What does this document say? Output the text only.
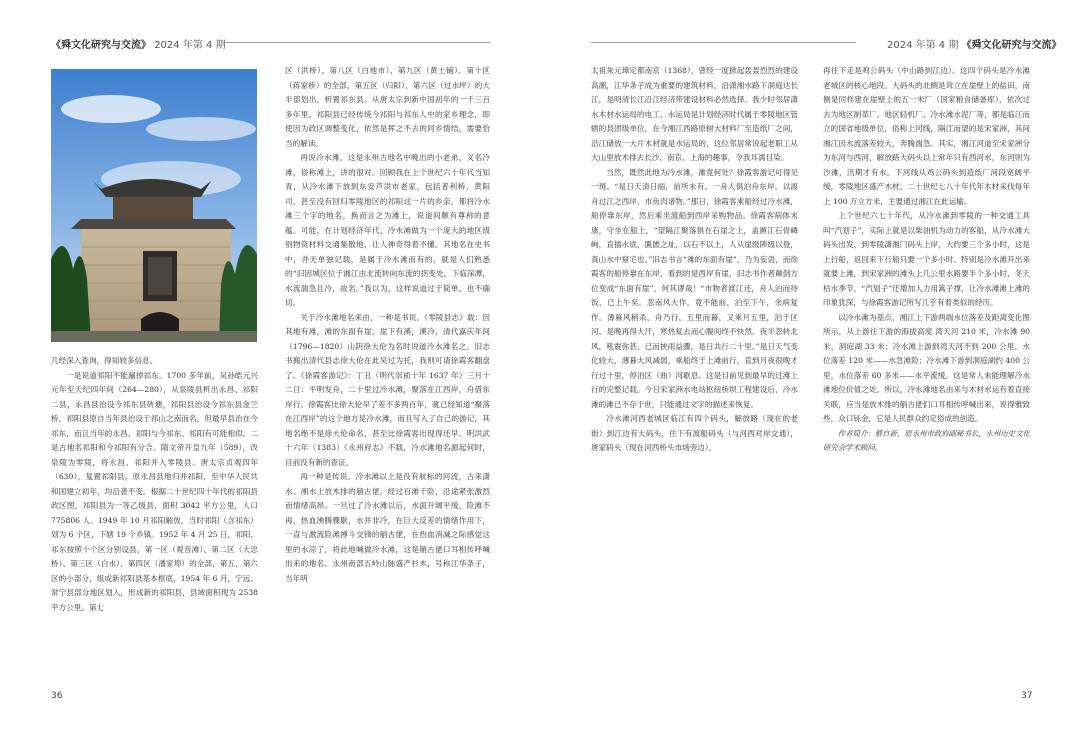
《舜文化研究与交流》 2024 年第 4 期

几经深入查询，得知较多信息。

一是说道祁阳不能漏掉祁东。1700 多年前，吴孙皓元兴元年至天纪四年间（264—280），从泉陵县析出永昌、祁阳二县，永昌县治设今祁东县砖塘，祁阳县治设今祁东县金兰桥，祁阳县原自当年县治设于祁山之南而名，但最早县治在今祁东，而且当年的永昌、祁阳与今祁东、祁阳有可能相似。二是古地名祁阳和今祁阳有分合。隋文帝开皇九年（589），改泉陵为零陵，将永昌、祁阳并入零陵县。唐太宗贞观四年（630），复置祁阳县，原永昌县地归并祁阳，至中华人民共和国建立初年，均沿袭不变。根据二十世纪四十年代的祁阳县政区图，祁阳县为一等乙级县，面积 3042 平方公里，人口 775806 人。1949 年 10 月祁阳解放，当时祁阳（含祁东）划为 6 个区，下辖 19 个乡镇。1952 年 4 月 25 日，祁阳、祁东按照十个区分别设县，第一区（观音滩）、第二区（大忠桥）、第三区（白水）、第四区（潘家埠）的全部，第五、第六区的小部分，组成新祁阳县基本框底，1954 年 6 月，宁远、常宁县部分地区划入，形成新的祁阳县，县域面积现为 2538 平方公里。第七

区（洪桥）、第八区（白地市）、第九区（黄土铺）、第十区（蒋家桥）的全部，第五区（归阳）、第六区（过水坪）的大半部划出，析置祁东县。从唐太宗到新中国初年的一千三百多年里，祁阳县已经传统今祁阳与祁东人中的家乡理念，即使因为政区调整变化，依然是挥之不去的同乡情结，需要恰当的解读。

再说冷水滩，这是永州古地名中晚出的小老弟，又名冷滩，俗称滩上，讲的很对。回顾我在上个世纪六十年代当知青，从冷水滩下放到东安芦洪市老家，包括普利桥、黄阳司，甚至没有回归零陵地区的祁阳这一片的乡亲，都将冷水滩三个字的地名，换而言之为滩上，说道间颇有尊称的意蕴。可能，在计划经济年代，冷水滩做为一个庞大的地区级别物资材料交通集散地，让人神奇得着不懂。其地名在史书中，并无单独记载，是属于冷水滩而有的，就是人们熟悉的“旧因城区位于湘江由北流转向东流的拐变处，下临深潭，水流湍急且冷，故名。”我以为，这样说道过于简单，也不确切。

关于冷水滩地名来由，一种是书说。《零陵县志》载：因其地有滩，滩的东面有崖，崖下有溪，溪冷，清代嘉庆年间（1796—1820）山阴徐大伦为名时说道冷水滩名之。旧志书搬出清代县志徐大伦在此吴过为托，我则可请徐霞客翻盘了。《徐霞客游记》：丁丑（明代崇祯十年 1637 年）三月十二日：平明发舟，二十里过冷水滩，聚落在江西岸，舟借东岸行。徐霞客比徐大伦早了差不多两百年，就已经知道“聚落在江西岸”的这个地方是冷水滩，而且写入了自己的游记，其地名绝不是徐大伦命名，甚至比徐霞客出现得还早。明洪武十六年（1383）《永州府志》不载，冷水滩地名源起何时，目前没有新的查证。

再一种是传说。冷水滩以上是没有航标的河流，古来潇水、湘水上放木排的艄古佬，经过百滩千险，沿途紧张激烈而情绪高昂。一旦过了冷水滩以后，水面开阔平缓，险滩不再，热血沸腾骤歇，水并非冷，在巨大反差的情绪作用下，一直与激流险滩搏斗交锋的艄古佬，在热血消减之际感觉这里的水凉了，将此地喊做冷水滩，这是艄古佬口耳相传呼喊出来的地名。永州南部五岭山脉盛产杉木，号称江华条子，当年明

36
2024 年第 4 期 《舜文化研究与交流》

太祖朱元璋定都南京（1368），曾经一度掀起轰轰烈烈的建设高潮，江华条子成为重要的建筑材料，沿潇湘水路下洞庭达长江，是明清长江沿江经济带建设材料必然选择。我少时邻居潇水木材水运局的电工，水运局是计划经济时代属于零陵地区管辖的县团级单位，在今湘江西路原树大材料厂至造纸厂之间，沿江储放一大片木材就是水运局的，这位邻居常说起老职工从大山里放木排去长沙、南京、上海的趣事，令我耳濡目染。

当然，既然此地为冷水滩，滩竟何处？徐霞客游记可得见一斑。“是日天清日丽，前所未有。一舟人俱泊舟东岸，以渡舟过江之西岸，市鱼肉诸物。”那日，徐霞客乘船经过冷水滩，船停靠东岸，然后乘坐渡船到西岸采购物品。徐霞客病体未康，守坐在船上，“望隔江聚落俱在石崖之上，盖瀕江石骨嶙峋，直插水底，匱匮之址，以石不以土，人从崖级陟级以登，真山水中窟宅也。”旧志书言“滩的东面有崖”，乃为妄语，而徐霞客的船停靠在东岸，看到的是西岸有崖，旧志书作者颠倒方位变成“东面有崖”，何其谬哉！“市物者渡江还，舟人泊而待饭，已上午矣。忽南风大作，竟不能前，泊至下午，余病复作。薄暮风稍杀，舟乃行，五里而暮，又乘月五里，泊于区河。是晚再得大汗，寒热复去而心腹间终不快然。夜半忽转北风，吼震弥甚，已而挟雨益骤，是日共行二十里。”是日天气变化较大，薄暮大风减弱，乘船终于上滩前行，直到月夜很晚才行过十里，停泊区（曲）河歇息。这是目前见到最早的过滩上行的完整记载。今日宋家洲水电站枢纽桥坝工程建设后，冷水滩的滩已不存于世，只能通过文字的描述来恢复。

冷水滩河西老城区临江有四个码头，解放路（现在的老街）到江边有大码头，往下有渡船码头（与河西对岸交通），唐家码头（现在河西桥头市场旁边），

再往下走是鸡公码头（中山路到江边）。这四个码头是冷水滩老城区的核心地段。大码头的北侧是耸立在崖壁上的盐田，南侧是同样建在崖壁上的五一米厂（国家粮食储备库），依次过去为地区制革厂、地区轻机厂、冷水滩水泥厂等，都是临江而立的国省地级单位，俗称上河线，隔江而望的是宋家洲，其间湘江因水流落差较大，奔腾湍急。其实，湘江河道至宋家洲分为东河与西河，解放路大码头以上常年只有西河水，东河则为沙滩，汛期才有水。下河线从鸡公码头到造纸厂河段宽阔平缓，零陵地区盛产木材，二十世纪七八十年代年木材采伐每年上 100 万立方米，主要通过湘江在此运输。

上个世纪六七十年代，从冷水滩到零陵的一种交通工具叫“汽划子”，实际上就是以柴油机为动力的客船，从冷水滩大码头出发，到零陵潇湘门码头上岸，大约要三个多小时，这是上行船，返回来下行船只要一个多小时。特别是冷水滩开出来就要上滩，到宋家洲的滩头上几公里水路要半个多小时，冬天枯水季节，“汽划子”还增加人力用篙子撑，让冷水滩滩上滩的印象犹深，与徐霞客游记所写几乎有着类似的经历。

以冷水滩为基点，湘江上下游两端水位落差及距离变化图所示，从上游往下游的海拔高度 湾天河 210 米，冷水滩 90 米，洞庭湖 33 米；冷水滩上游到湾天河不到 200 公里，水位落差 120 米——水急滩险；冷水滩下游到洞庭湖约 400 公里，水位落差 60 多米——水平流缓。这是常人未能理解冷水滩地位价值之处。所以，冷水滩地名由来与木材水运有着直接关联，应当是放木排的艄古佬们口耳相传呼喊出来，说得雅致些，众口铄金，它是人民群众约定俗成的创造。

作者简介：蔡自新，原永州市政府副秘书长，永州历史文化研究会学术顾问。

37
